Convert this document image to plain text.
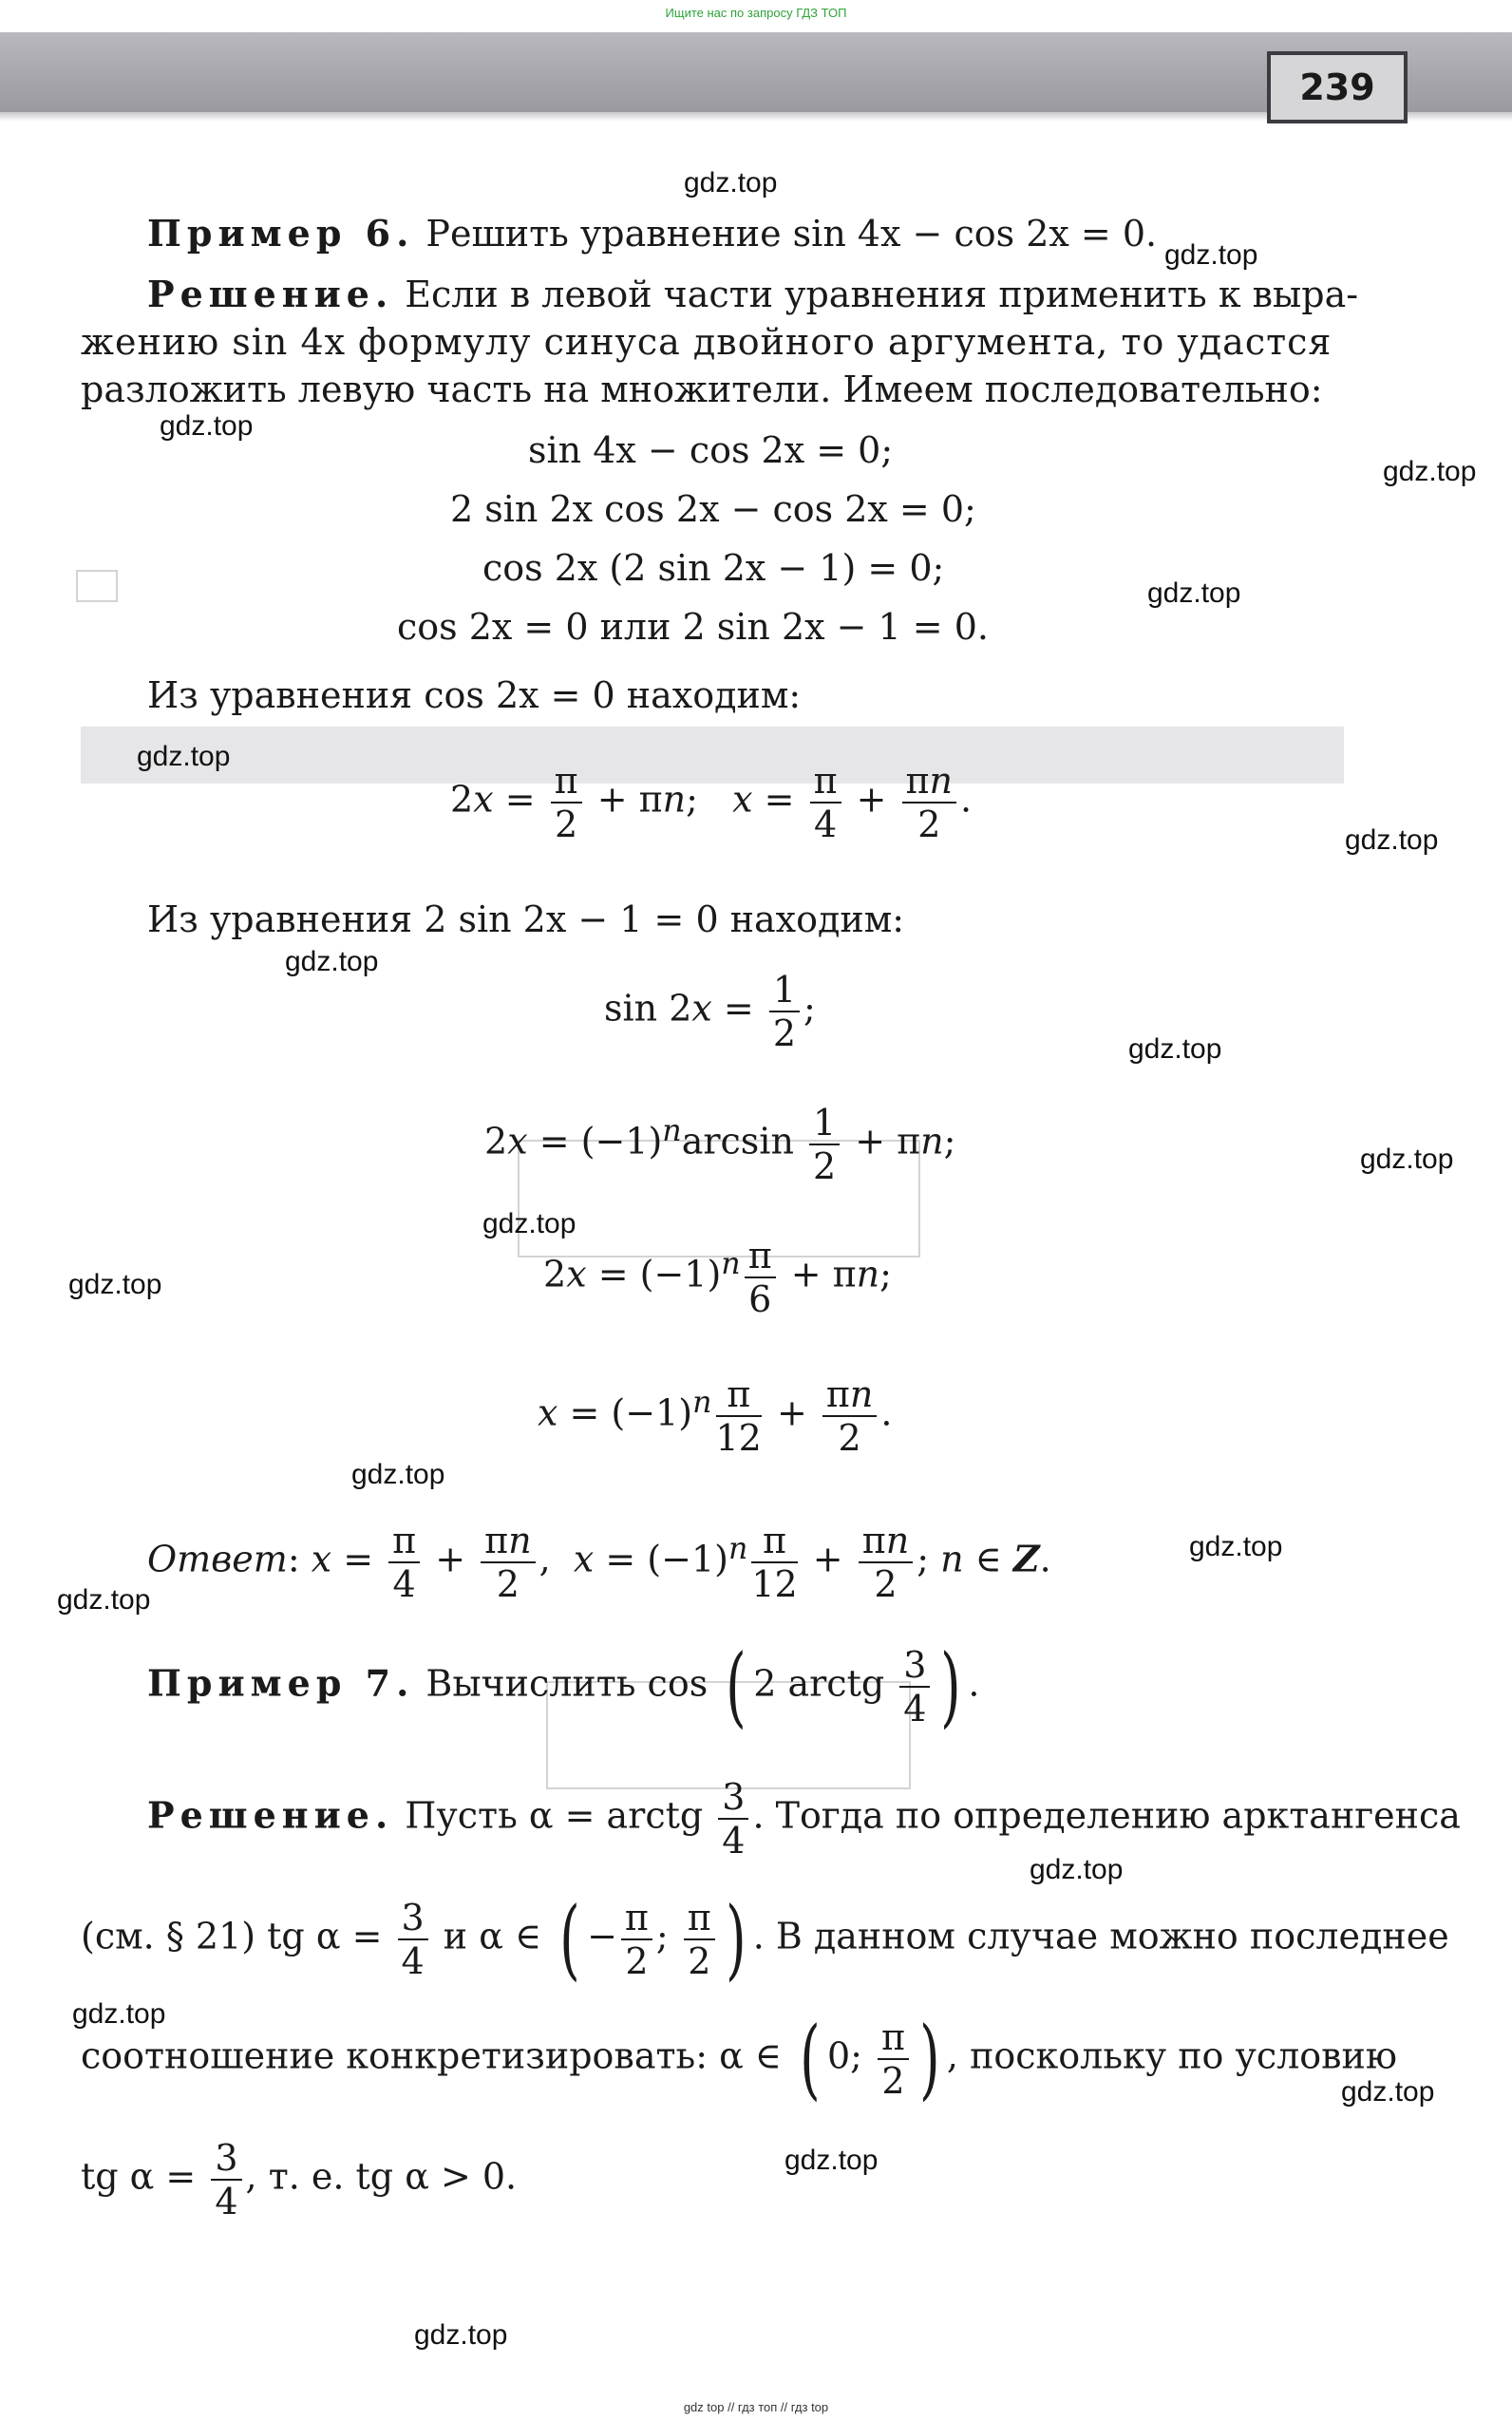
Ищите нас по запросу ГДЗ ТОП
239
Пример 6. Решить уравнение sin 4x − cos 2x = 0.
Решение. Если в левой части уравнения применить к выра-
жению sin 4x формулу синуса двойного аргумента, то удастся
разложить левую часть на множители. Имеем последовательно:
sin 4x − cos 2x = 0;
2 sin 2x cos 2x − cos 2x = 0;
cos 2x (2 sin 2x − 1) = 0;
cos 2x = 0 или 2 sin 2x − 1 = 0.
Из уравнения cos 2x = 0 находим:
$2x = \frac{\pi}{2} + \pi n$;   $x = \frac{\pi}{4} + \frac{\pi n}{2}$ .
Из уравнения 2 sin 2x − 1 = 0 находим:
$\sin 2x = \frac{1}{2}$ ;
$2x = (-1)^n\arcsin \frac{1}{2} + \pi n$;
$2x = (-1)^n \frac{\pi}{6} + \pi n$;
$x = (-1)^n \frac{\pi}{12} + \frac{\pi n}{2}$ .
Ответ: $x = \frac{\pi}{4} + \frac{\pi n}{2}$ ,  $x = (-1)^n \frac{\pi}{12} + \frac{\pi n}{2}$ ; n ∈ Z.
Пример 7. Вычислить cos ( 2 arctg $\frac{3}{4}$ ) .
Решение. Пусть α = arctg $\frac{3}{4}$ . Тогда по определению арктангенса
(см. § 21) tg $\alpha = \frac{3}{4}$ и α ∈ ( − $\frac{\pi}{2}$ ; $\frac{\pi}{2}$ ) . В данном случае можно последнее
соотношение конкретизировать: α ∈ ( 0; $\frac{\pi}{2}$ ) , поскольку по условию
tg $\alpha = \frac{3}{4}$ , т. е. tg α > 0.
gdz.top
gdz.top
gdz.top
gdz.top
gdz.top
gdz.top
gdz.top
gdz.top
gdz.top
gdz.top
gdz.top
gdz.top
gdz.top
gdz.top
gdz.top
gdz.top
gdz.top
gdz.top
gdz.top
gdz.top
gdz top // гдз топ // гдз top
